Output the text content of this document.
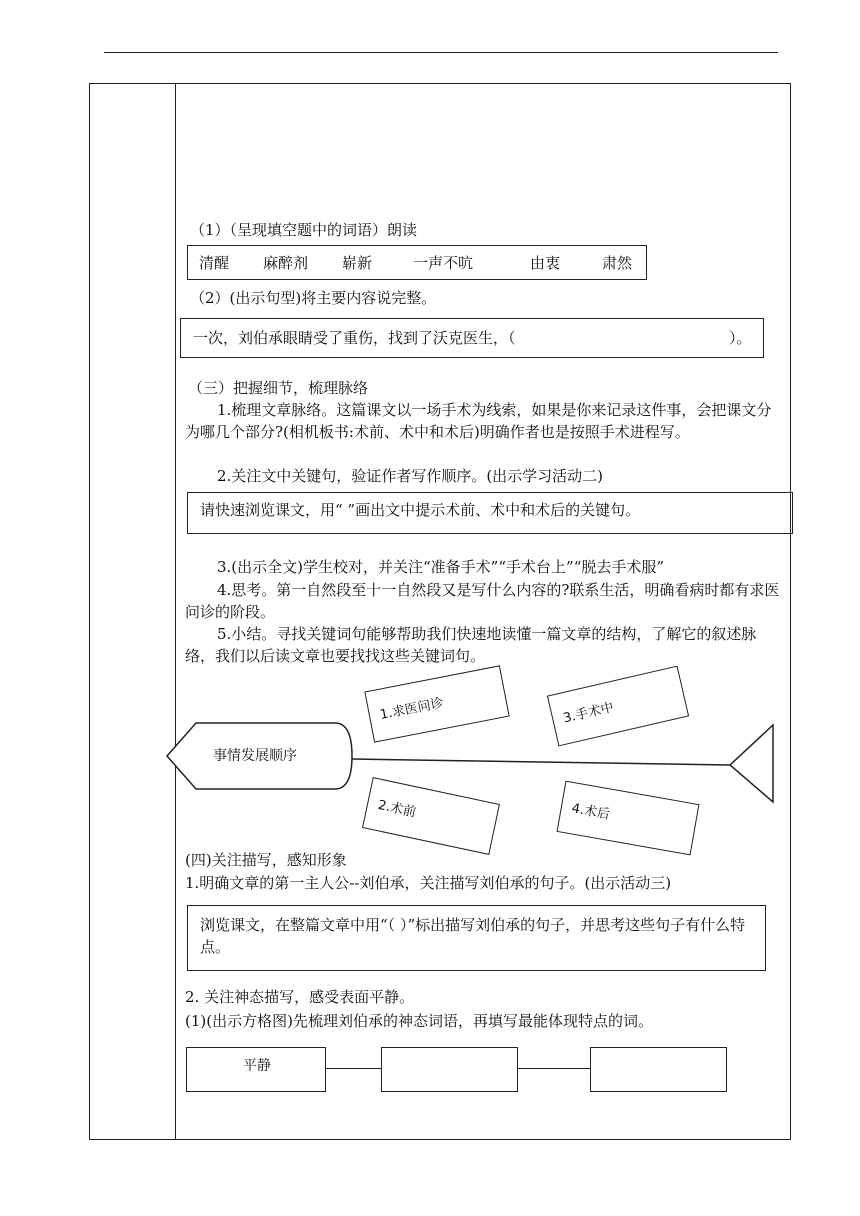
（1）（呈现填空题中的词语）朗读
清醒 麻醉剂 崭新	一声不吭	由衷	肃然
（2）(出示句型)将主要内容说完整。
一次，刘伯承眼睛受了重伤，找到了沃克医生，（	）。
（三）把握细节，梳理脉络
1.梳理文章脉络。这篇课文以一场手术为线索，如果是你来记录这件事，会把课文分为哪几个部分?(相机板书:术前、术中和术后)明确作者也是按照手术进程写。
2.关注文中关键句，验证作者写作顺序。(出示学习活动二)
请快速浏览课文，用“ ”画出文中提示术前、术中和术后的关键句。
3.(出示全文)学生校对，并关注“准备手术”“手术台上”“脱去手术服”
4.思考。第一自然段至十一自然段又是写什么内容的?联系生活，明确看病时都有求医问诊的阶段。
5.小结。寻找关键词句能够帮助我们快速地读懂一篇文章的结构，了解它的叙述脉络，我们以后读文章也要找找这些关键词句。
事情发展顺序
1.求医问诊	3.手术中
2.术前	4.术后
(四)关注描写，感知形象
1.明确文章的第一主人公--刘伯承，关注描写刘伯承的句子。(出示活动三)
浏览课文，在整篇文章中用“（ ）”标出描写刘伯承的句子，并思考这些句子有什么特点。
2. 关注神态描写，感受表面平静。
(1)(出示方格图)先梳理刘伯承的神态词语，再填写最能体现特点的词。
平静
